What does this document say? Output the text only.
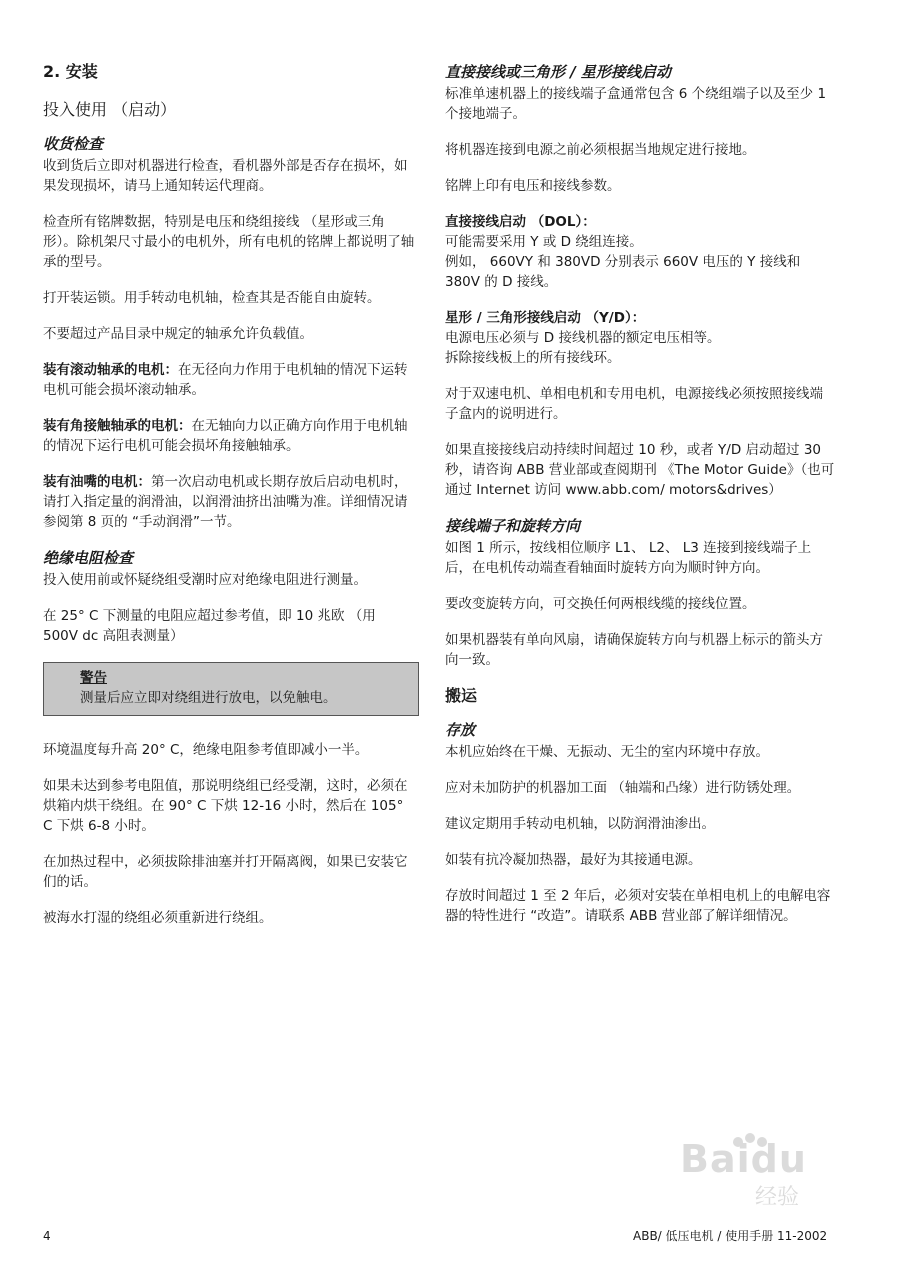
2. 安装
投入使用 （启动）
收货检查

收到货后立即对机器进行检查，看机器外部是否存在损坏，如果发现损坏，请马上通知转运代理商。

检查所有铭牌数据，特别是电压和绕组接线 （星形或三角形）。除机架尺寸最小的电机外，所有电机的铭牌上都说明了轴承的型号。

打开装运锁。用手转动电机轴，检查其是否能自由旋转。

不要超过产品目录中规定的轴承允许负载值。

装有滚动轴承的电机：在无径向力作用于电机轴的情况下运转电机可能会损坏滚动轴承。
装有角接触轴承的电机：在无轴向力以正确方向作用于电机轴的情况下运行电机可能会损坏角接触轴承。
装有油嘴的电机：第一次启动电机或长期存放后启动电机时，请打入指定量的润滑油，以润滑油挤出油嘴为准。详细情况请参阅第 8 页的 “手动润滑”一节。
绝缘电阻检查

投入使用前或怀疑绕组受潮时应对绝缘电阻进行测量。

在 25° C 下测量的电阻应超过参考值，即 10 兆欧 （用 500V dc 高阻表测量）

警告
测量后应立即对绕组进行放电，以免触电。

环境温度每升高 20° C，绝缘电阻参考值即减小一半。

如果未达到参考电阻值，那说明绕组已经受潮，这时，必须在烘箱内烘干绕组。在 90° C 下烘 12-16 小时，然后在 105° C 下烘 6-8 小时。

在加热过程中，必须拔除排油塞并打开隔离阀，如果已安装它们的话。

被海水打湿的绕组必须重新进行绕组。

直接接线或三角形 / 星形接线启动

标准单速机器上的接线端子盒通常包含 6 个绕组端子以及至少 1 个接地端子。

将机器连接到电源之前必须根据当地规定进行接地。

铭牌上印有电压和接线参数。

直接接线启动 （DOL）：
可能需要采用 Y 或 D 绕组连接。
例如， 660VY 和 380VD 分别表示 660V 电压的 Y 接线和 380V 的 D 接线。
星形 / 三角形接线启动 （Y/D）：
电源电压必须与 D 接线机器的额定电压相等。
拆除接线板上的所有接线环。

对于双速电机、单相电机和专用电机，电源接线必须按照接线端子盒内的说明进行。

如果直接接线启动持续时间超过 10 秒，或者 Y/D 启动超过 30 秒，请咨询 ABB 营业部或查阅期刊 《The Motor Guide》（也可通过 Internet 访问 www.abb.com/ motors&drives）

接线端子和旋转方向

如图 1 所示，按线相位顺序 L1、 L2、 L3 连接到接线端子上后，在电机传动端查看轴面时旋转方向为顺时钟方向。

要改变旋转方向，可交换任何两根线缆的接线位置。

如果机器装有单向风扇，请确保旋转方向与机器上标示的箭头方向一致。

搬运
存放

本机应始终在干燥、无振动、无尘的室内环境中存放。

应对未加防护的机器加工面 （轴端和凸缘）进行防锈处理。

建议定期用手转动电机轴，以防润滑油渗出。

如装有抗冷凝加热器，最好为其接通电源。

存放时间超过 1 至 2 年后，必须对安装在单相电机上的电解电容器的特性进行 “改造”。请联系 ABB 营业部了解详细情况。

Baidu
经验
4	ABB/ 低压电机 / 使用手册 11-2002
